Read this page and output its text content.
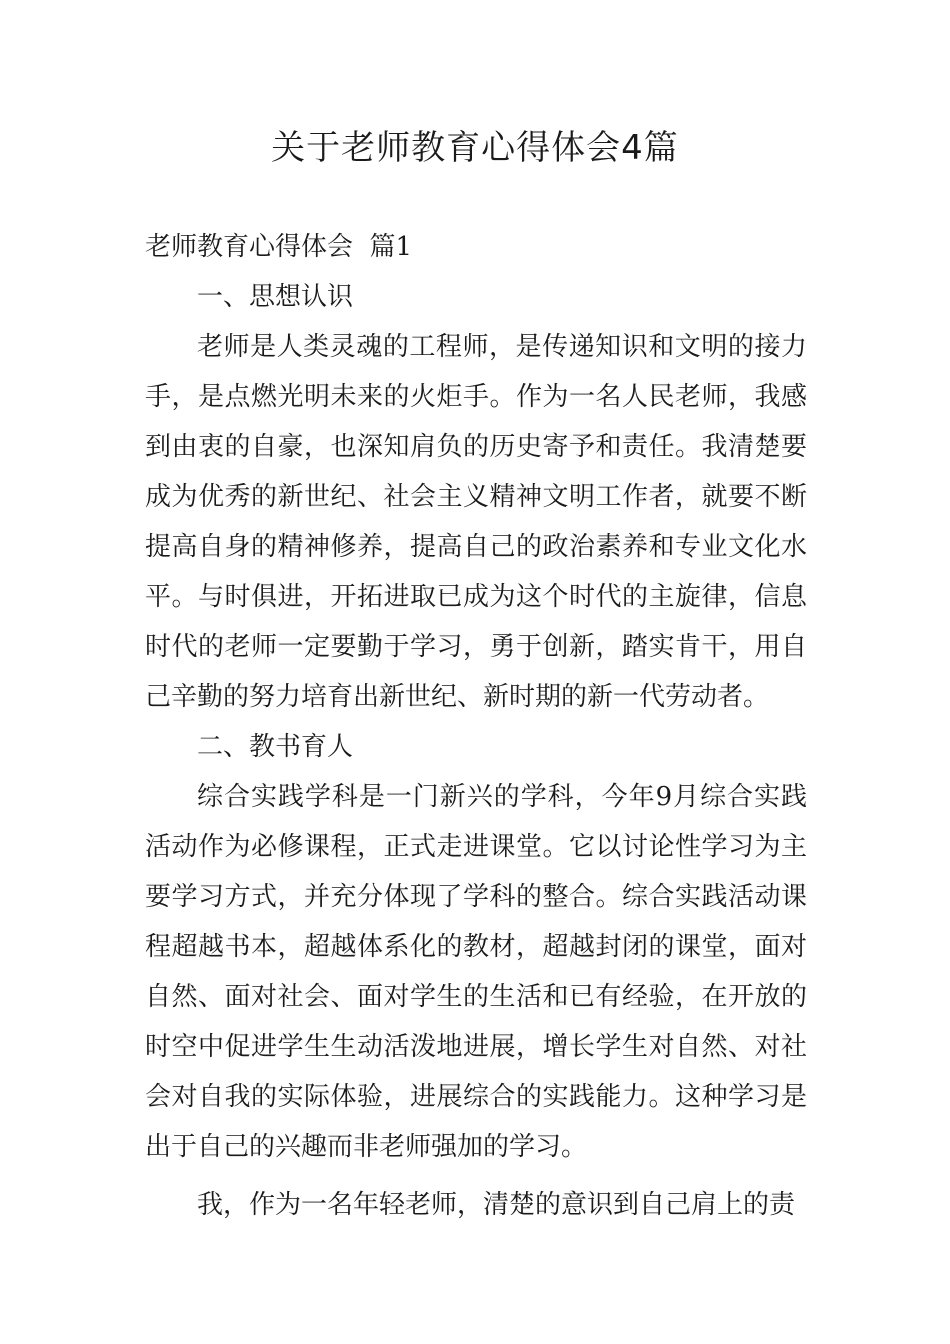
关于老师教育心得体会4篇

老师教育心得体会  篇1

一、思想认识

老师是人类灵魂的工程师，是传递知识和文明的接力手，是点燃光明未来的火炬手。作为一名人民老师，我感到由衷的自豪，也深知肩负的历史寄予和责任。我清楚要成为优秀的新世纪、社会主义精神文明工作者，就要不断提高自身的精神修养，提高自己的政治素养和专业文化水平。与时俱进，开拓进取已成为这个时代的主旋律，信息时代的老师一定要勤于学习，勇于创新，踏实肯干，用自己辛勤的努力培育出新世纪、新时期的新一代劳动者。

二、教书育人

综合实践学科是一门新兴的学科，今年9月综合实践活动作为必修课程，正式走进课堂。它以讨论性学习为主要学习方式，并充分体现了学科的整合。综合实践活动课程超越书本，超越体系化的教材，超越封闭的课堂，面对自然、面对社会、面对学生的生活和已有经验，在开放的时空中促进学生生动活泼地进展，增长学生对自然、对社会对自我的实际体验，进展综合的实践能力。这种学习是出于自己的兴趣而非老师强加的学习。

我，作为一名年轻老师，清楚的意识到自己肩上的责
